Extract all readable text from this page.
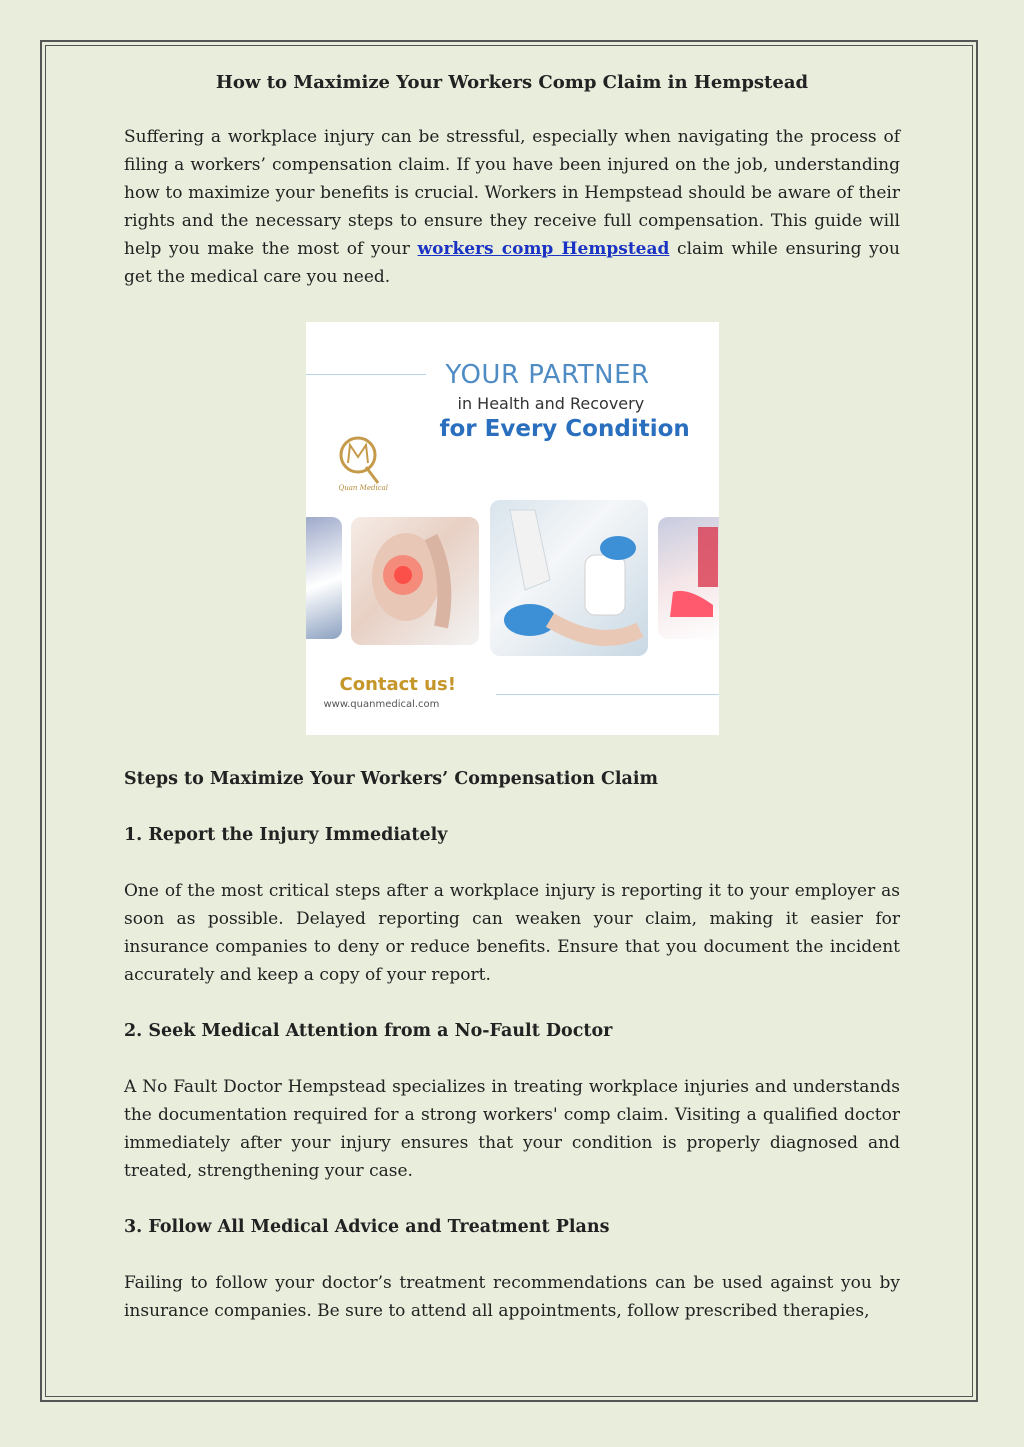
How to Maximize Your Workers Comp Claim in Hempstead

Suffering a workplace injury can be stressful, especially when navigating the process of filing a workers’ compensation claim. If you have been injured on the job, understanding how to maximize your benefits is crucial. Workers in Hempstead should be aware of their rights and the necessary steps to ensure they receive full compensation. This guide will help you make the most of your workers comp Hempstead claim while ensuring you get the medical care you need.

YOUR PARTNER
in Health and Recovery
for Every Condition
Quan Medical
Contact us!
www.quanmedical.com
Steps to Maximize Your Workers’ Compensation Claim
1. Report the Injury Immediately

One of the most critical steps after a workplace injury is reporting it to your employer as soon as possible. Delayed reporting can weaken your claim, making it easier for insurance companies to deny or reduce benefits. Ensure that you document the incident accurately and keep a copy of your report.

2. Seek Medical Attention from a No-Fault Doctor

A No Fault Doctor Hempstead specializes in treating workplace injuries and understands the documentation required for a strong workers' comp claim. Visiting a qualified doctor immediately after your injury ensures that your condition is properly diagnosed and treated, strengthening your case.

3. Follow All Medical Advice and Treatment Plans

Failing to follow your doctor’s treatment recommendations can be used against you by insurance companies. Be sure to attend all appointments, follow prescribed therapies,
